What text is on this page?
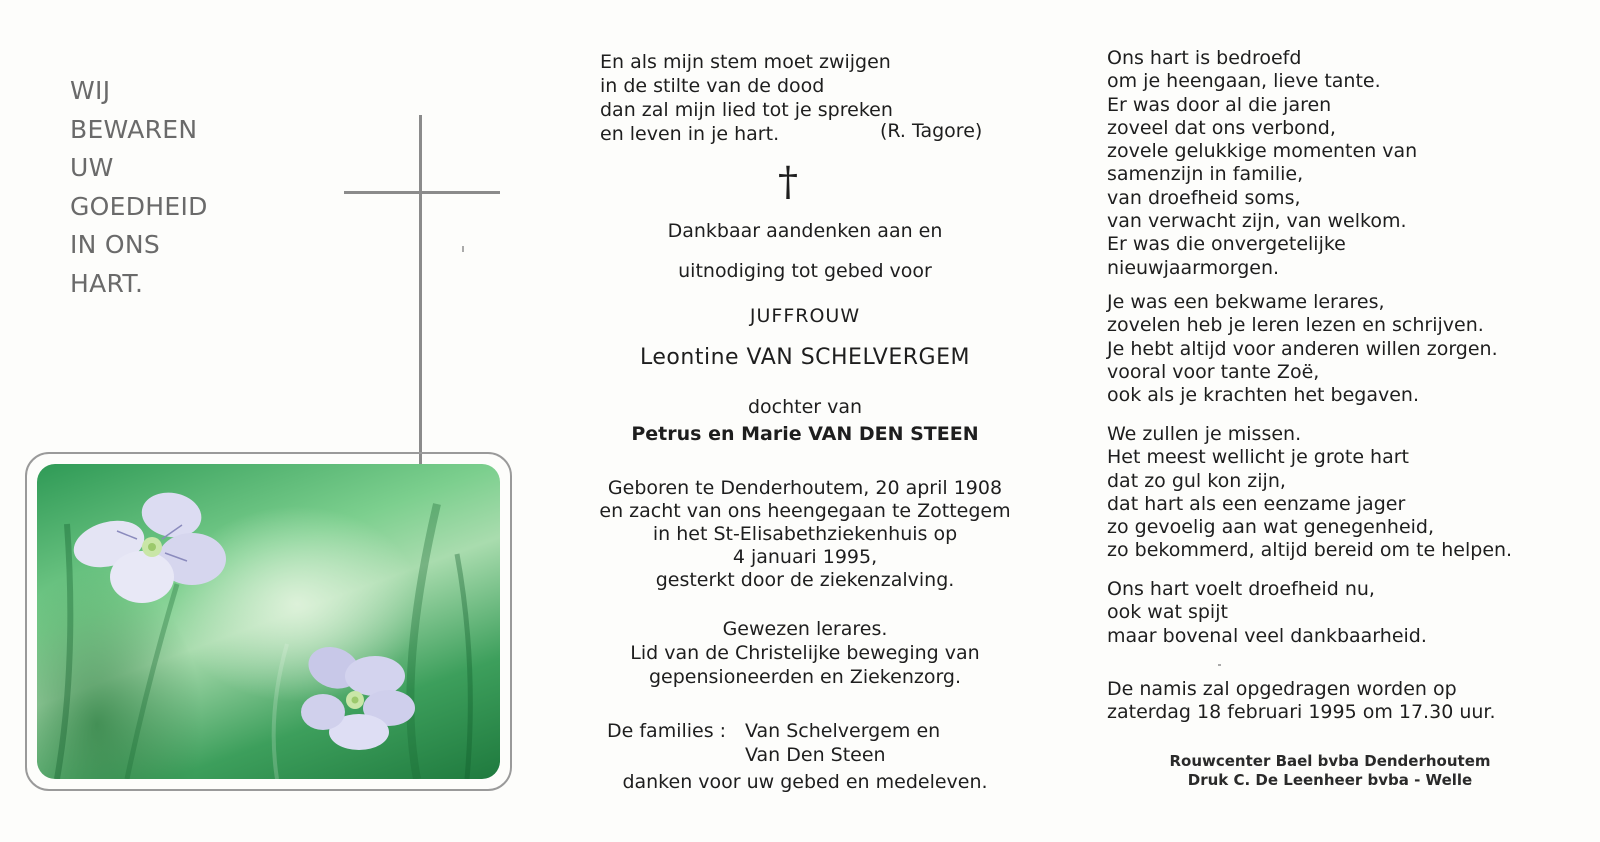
WIJ
BEWAREN
UW
GOEDHEID
IN ONS
HART.
En als mijn stem moet zwijgen
in de stilte van de dood
dan zal mijn lied tot je spreken
en leven in je hart.	(R. Tagore)
†
Dankbaar aandenken aan en
uitnodiging tot gebed voor
JUFFROUW
Leontine VAN SCHELVERGEM
dochter van
Petrus en Marie VAN DEN STEEN
Geboren te Denderhoutem, 20 april 1908
en zacht van ons heengegaan te Zottegem
in het St-Elisabethziekenhuis op
4 januari 1995,
gesterkt door de ziekenzalving.
Gewezen lerares.
Lid van de Christelijke beweging van
gepensioneerden en Ziekenzorg.
De families : Van Schelvergem en
Van Den Steen
danken voor uw gebed en medeleven.
Ons hart is bedroefd
om je heengaan, lieve tante.
Er was door al die jaren
zoveel dat ons verbond,
zovele gelukkige momenten van
samenzijn in familie,
van droefheid soms,
van verwacht zijn, van welkom.
Er was die onvergetelijke
nieuwjaarmorgen.
Je was een bekwame lerares,
zovelen heb je leren lezen en schrijven.
Je hebt altijd voor anderen willen zorgen.
vooral voor tante Zoë,
ook als je krachten het begaven.
We zullen je missen.
Het meest wellicht je grote hart
dat zo gul kon zijn,
dat hart als een eenzame jager
zo gevoelig aan wat genegenheid,
zo bekommerd, altijd bereid om te helpen.
Ons hart voelt droefheid nu,
ook wat spijt
maar bovenal veel dankbaarheid.
De namis zal opgedragen worden op
zaterdag 18 februari 1995 om 17.30 uur.
Rouwcenter Bael bvba Denderhoutem
Druk C. De Leenheer bvba - Welle
